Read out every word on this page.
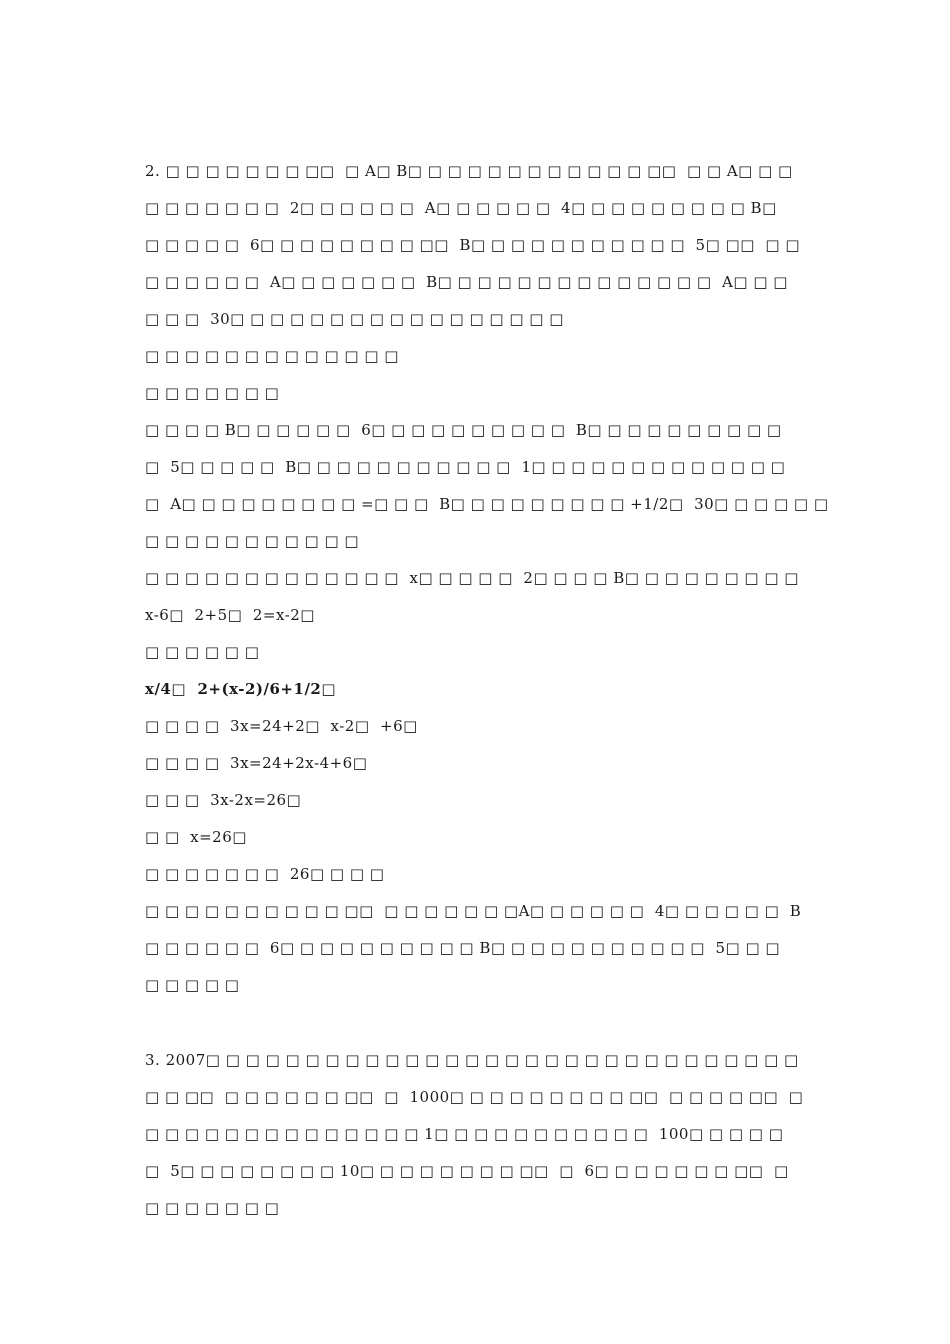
2. □ □ □ □ □ □ □ □□  □ A□ B□ □ □ □ □ □ □ □ □ □ □ □ □□  □ □ A□ □ □
□ □ □ □ □ □ □  2□ □ □ □ □ □  A□ □ □ □ □ □  4□ □ □ □ □ □ □ □ □ B□
□ □ □ □ □  6□ □ □ □ □ □ □ □ □□  B□ □ □ □ □ □ □ □ □ □ □  5□ □□  □ □
□ □ □ □ □ □  A□ □ □ □ □ □ □  B□ □ □ □ □ □ □ □ □ □ □ □ □ □  A□ □ □
□ □ □  30□ □ □ □ □ □ □ □ □ □ □ □ □ □ □ □ □
□ □ □ □ □ □ □ □ □ □ □ □ □
□ □ □ □ □ □ □
□ □ □ □ B□ □ □ □ □ □  6□ □ □ □ □ □ □ □ □ □  B□ □ □ □ □ □ □ □ □ □
□  5□ □ □ □ □  B□ □ □ □ □ □ □ □ □ □ □  1□ □ □ □ □ □ □ □ □ □ □ □ □
□  A□ □ □ □ □ □ □ □ □ =□ □ □  B□ □ □ □ □ □ □ □ □ +1/2□  30□ □ □ □ □ □
□ □ □ □ □ □ □ □ □ □ □
□ □ □ □ □ □ □ □ □ □ □ □ □  x□ □ □ □ □  2□ □ □ □ B□ □ □ □ □ □ □ □ □
x-6□  2+5□  2=x-2□
□ □ □ □ □ □
x/4□  2+(x-2)/6+1/2□
□ □ □ □  3x=24+2□  x-2□  +6□
□ □ □ □  3x=24+2x-4+6□
□ □ □  3x-2x=26□
□ □  x=26□
□ □ □ □ □ □ □  26□ □ □ □
□ □ □ □ □ □ □ □ □ □ □□  □ □ □ □ □ □ □A□ □ □ □ □ □  4□ □ □ □ □ □  B
□ □ □ □ □ □  6□ □ □ □ □ □ □ □ □ □ B□ □ □ □ □ □ □ □ □ □ □  5□ □ □
□ □ □ □ □
3. 2007□ □ □ □ □ □ □ □ □ □ □ □ □ □ □ □ □ □ □ □ □ □ □ □ □ □ □ □ □ □
□ □ □□  □ □ □ □ □ □ □□  □  1000□ □ □ □ □ □ □ □ □ □□  □ □ □ □ □□  □
□ □ □ □ □ □ □ □ □ □ □ □ □ □ 1□ □ □ □ □ □ □ □ □ □ □  100□ □ □ □ □
□  5□ □ □ □ □ □ □ □ 10□ □ □ □ □ □ □ □ □□  □  6□ □ □ □ □ □ □ □□  □
□ □ □ □ □ □ □
